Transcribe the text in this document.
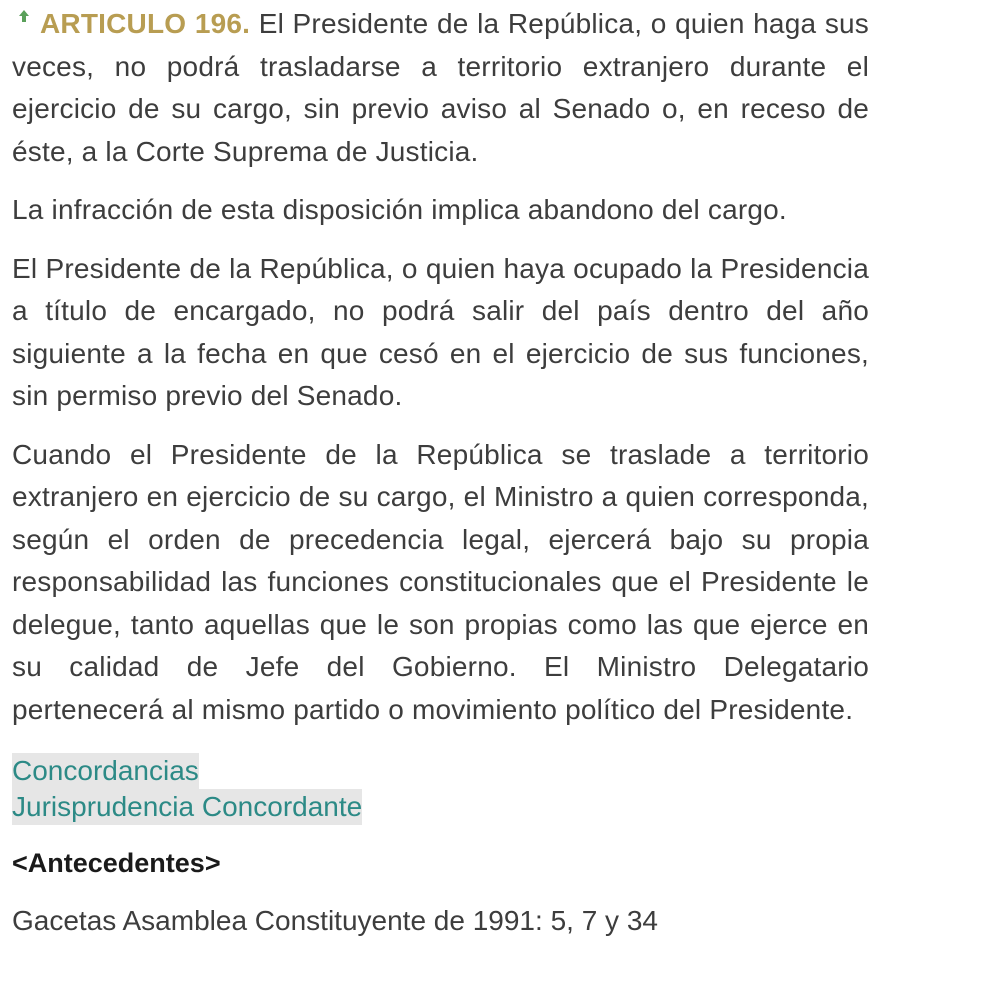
ARTICULO 196. El Presidente de la República, o quien haga sus veces, no podrá trasladarse a territorio extranjero durante el ejercicio de su cargo, sin previo aviso al Senado o, en receso de éste, a la Corte Suprema de Justicia.

La infracción de esta disposición implica abandono del cargo.

El Presidente de la República, o quien haya ocupado la Presidencia a título de encargado, no podrá salir del país dentro del año siguiente a la fecha en que cesó en el ejercicio de sus funciones, sin permiso previo del Senado.

Cuando el Presidente de la República se traslade a territorio extranjero en ejercicio de su cargo, el Ministro a quien corresponda, según el orden de precedencia legal, ejercerá bajo su propia responsabilidad las funciones constitucionales que el Presidente le delegue, tanto aquellas que le son propias como las que ejerce en su calidad de Jefe del Gobierno. El Ministro Delegatario pertenecerá al mismo partido o movimiento político del Presidente.

Concordancias
Jurisprudencia Concordante
<Antecedentes>
Gacetas Asamblea Constituyente de 1991: 5, 7 y 34
